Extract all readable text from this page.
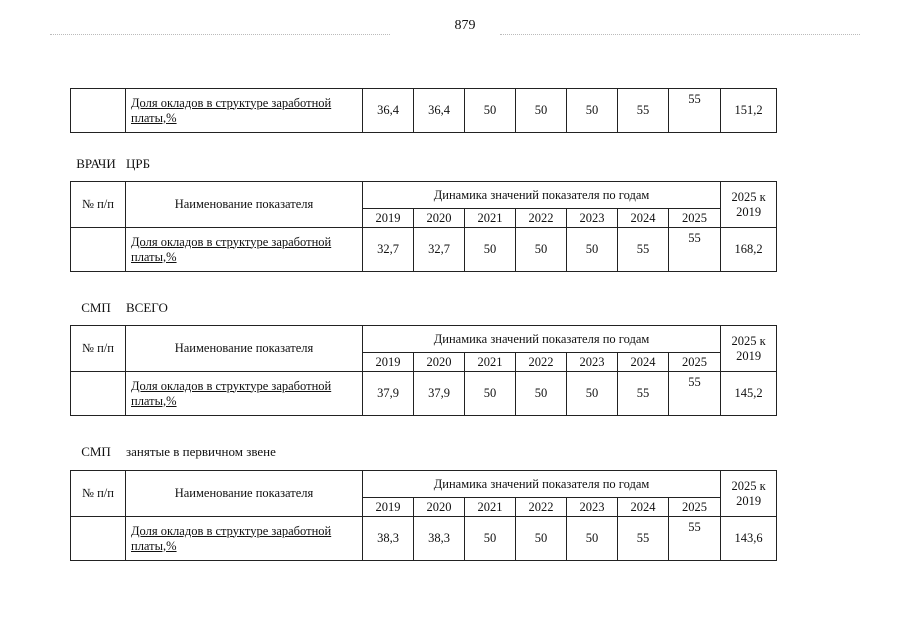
879
	Доля окладов в структуре заработной платы,%	36,4	36,4	50	50	50	55	55	151,2
ВРАЧИ ЦРБ
№ п/п	Наименование показателя	Динамика значений показателя по годам							2025 к 2019
		2019	2020	2021	2022	2023	2024	2025	
	Доля окладов в структуре заработной платы,%	32,7	32,7	50	50	50	55	55	168,2
СМП ВСЕГО
№ п/п	Наименование показателя	Динамика значений показателя по годам							2025 к 2019
		2019	2020	2021	2022	2023	2024	2025	
	Доля окладов в структуре заработной платы,%	37,9	37,9	50	50	50	55	55	145,2
СМП занятые в первичном звене
№ п/п	Наименование показателя	Динамика значений показателя по годам							2025 к 2019
		2019	2020	2021	2022	2023	2024	2025	
	Доля окладов в структуре заработной платы,%	38,3	38,3	50	50	50	55	55	143,6
